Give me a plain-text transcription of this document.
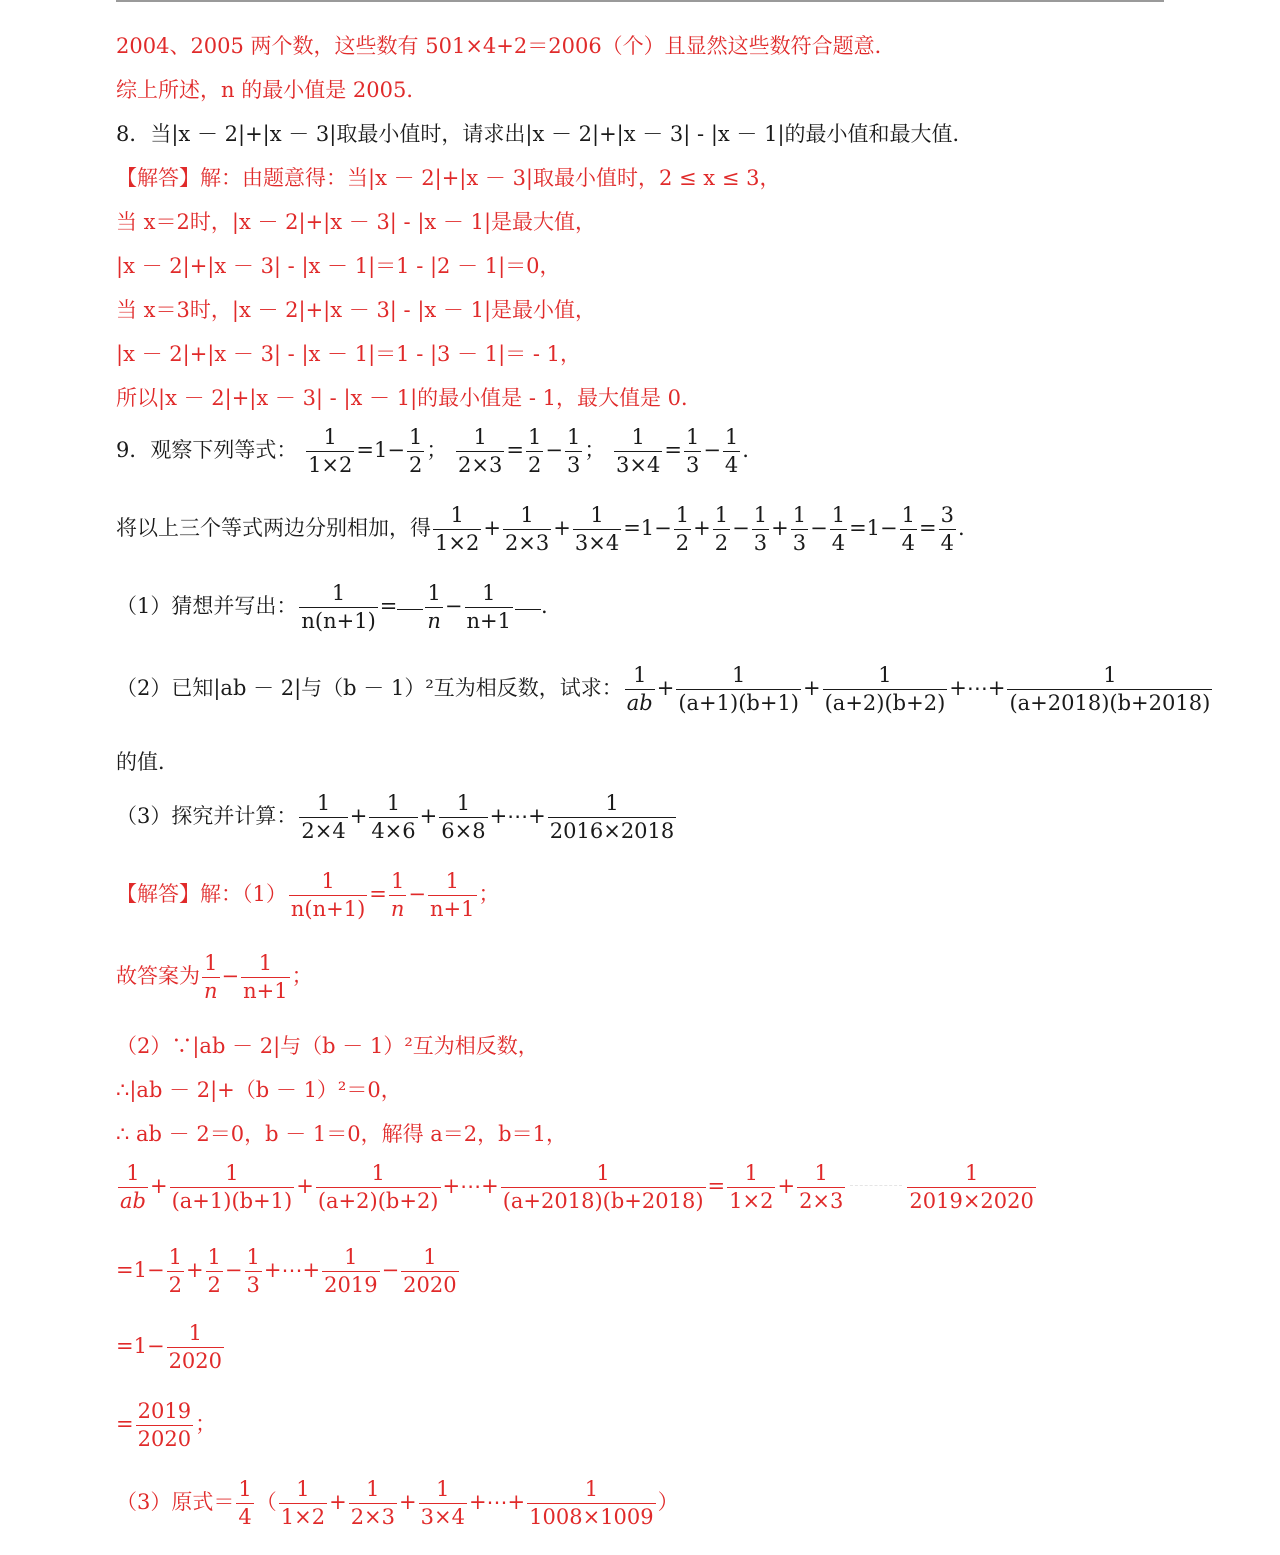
2004、2005 两个数，这些数有 501×4+2＝2006（个）且显然这些数符合题意．
综上所述，n 的最小值是 2005．
8．当|x － 2|+|x － 3|取最小值时，请求出|x － 2|+|x － 3| - |x － 1|的最小值和最大值．
【解答】解：由题意得：当|x － 2|+|x － 3|取最小值时，2 ≤ x ≤ 3，
当 x＝2时，|x － 2|+|x － 3| - |x － 1|是最大值，
|x － 2|+|x － 3| - |x － 1|＝1 - |2 － 1|＝0，
当 x＝3时，|x － 2|+|x － 3| - |x － 1|是最小值，
|x － 2|+|x － 3| - |x － 1|＝1 - |3 － 1|＝ - 1，
所以|x － 2|+|x － 3| - |x － 1|的最小值是 - 1，最大值是 0．
9．观察下列等式： $\frac{1}{1\times 2} =1- \frac{1}{2}$ ； $\frac{1}{2\times 3} = \frac{1}{2} - \frac{1}{3}$ ； $\frac{1}{3\times 4} = \frac{1}{3} - \frac{1}{4}$ .
将以上三个等式两边分别相加，得 $\frac{1}{1\times 2} + \frac{1}{2\times 3} + \frac{1}{3\times 4} =1- \frac{1}{2} + \frac{1}{2} - \frac{1}{3} + \frac{1}{3} - \frac{1}{4} =1- \frac{1}{4} = \frac{3}{4}$ .
（1）猜想并写出： $\frac{1}{n(n+1)} = \frac{1}{n} - \frac{1}{n+1}$ .
（2）已知|ab － 2|与（b － 1）²互为相反数，试求： $\frac{1}{ab} + \frac{1}{(a+1)(b+1)} + \frac{1}{(a+2)(b+2)}$ +⋯+ $\frac{1}{(a+2018)(b+2018)}$
的值．
（3）探究并计算： $\frac{1}{2\times 4} + \frac{1}{4\times 6} + \frac{1}{6\times 8}$ +⋯+ $\frac{1}{2016\times 2018}$
【解答】解：$(1) \frac{1}{n(n+1)} = \frac{1}{n} - \frac{1}{n+1}$ ；
故答案为 $\frac{1}{n} - \frac{1}{n+1}$ ；
（2）∵|ab － 2|与（b － 1）²互为相反数，
∴|ab － 2|+（b － 1）²＝0，
∴ ab － 2＝0，b － 1＝0，解得 a＝2，b＝1，
$\frac{1}{ab} + \frac{1}{(a+1)(b+1)} + \frac{1}{(a+2)(b+2)}$ +⋯+ $\frac{1}{(a+2018)(b+2018)} = \frac{1}{1\times 2} + \frac{1}{2\times 3}$	$\frac{1}{2019\times 2020}$
$=1- \frac{1}{2} + \frac{1}{2} - \frac{1}{3}$ +⋯+ $\frac{1}{2019} - \frac{1}{2020}$
$=1- \frac{1}{2020}$
= $\frac{2019}{2020}$ ；
（3）原式＝ $\frac{1}{4}$ （ $\frac{1}{1\times 2} + \frac{1}{2\times 3} + \frac{1}{3\times 4}$ +⋯+ $\frac{1}{1008\times 1009}$ ）
